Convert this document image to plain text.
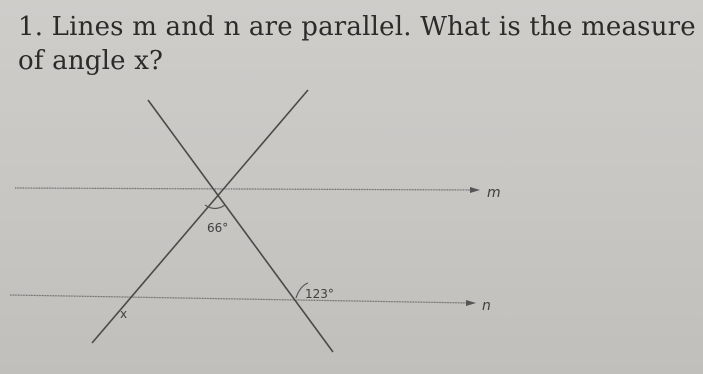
1. Lines m and n are parallel. What is the measure
of angle x?
m
n
66°
123°
x
